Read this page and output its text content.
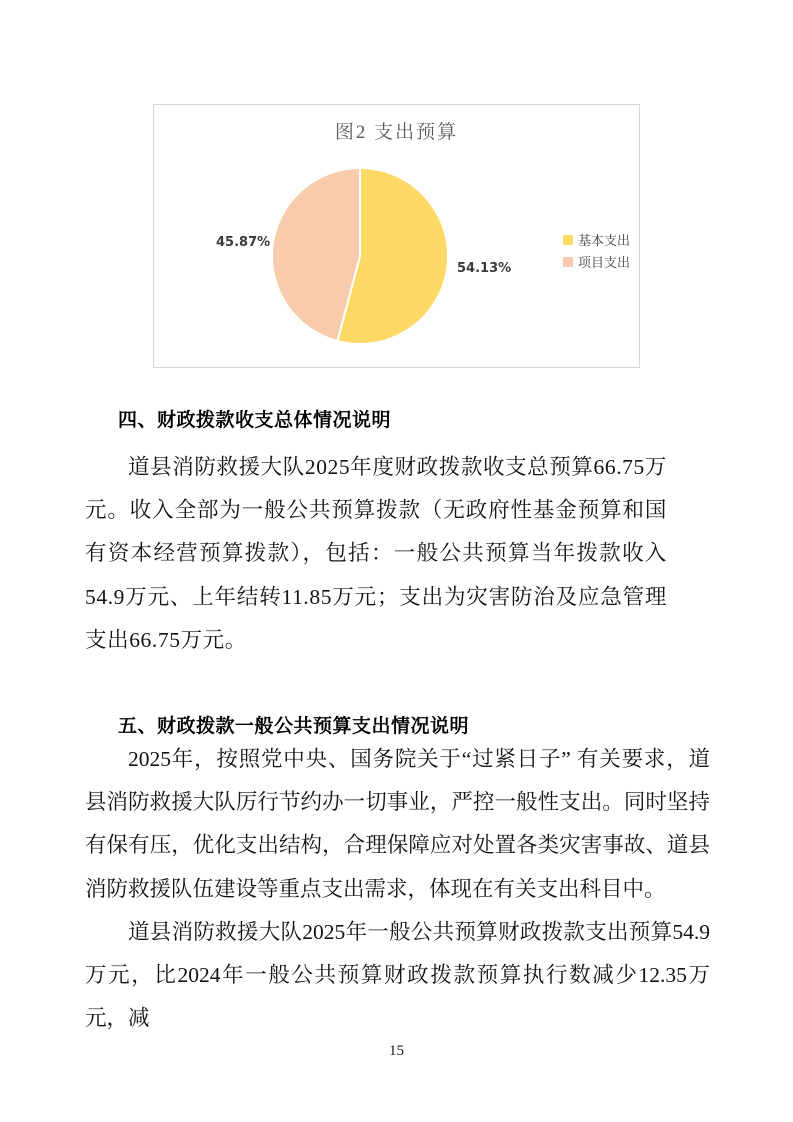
图2 支出预算
45.87%
54.13%
基本支出
项目支出
四、财政拨款收支总体情况说明

道县消防救援大队2025年度财政拨款收支总预算66.75万元。收入全部为一般公共预算拨款（无政府性基金预算和国有资本经营预算拨款），包括：一般公共预算当年拨款收入54.9万元、上年结转11.85万元；支出为灾害防治及应急管理支出66.75万元。

五、财政拨款一般公共预算支出情况说明

2025年，按照党中央、国务院关于“过紧日子” 有关要求，道县消防救援大队厉行节约办一切事业，严控一般性支出。同时坚持有保有压，优化支出结构，合理保障应对处置各类灾害事故、道县消防救援队伍建设等重点支出需求，体现在有关支出科目中。

道县消防救援大队2025年一般公共预算财政拨款支出预算54.9万元，比2024年一般公共预算财政拨款预算执行数减少12.35万元，减

15
